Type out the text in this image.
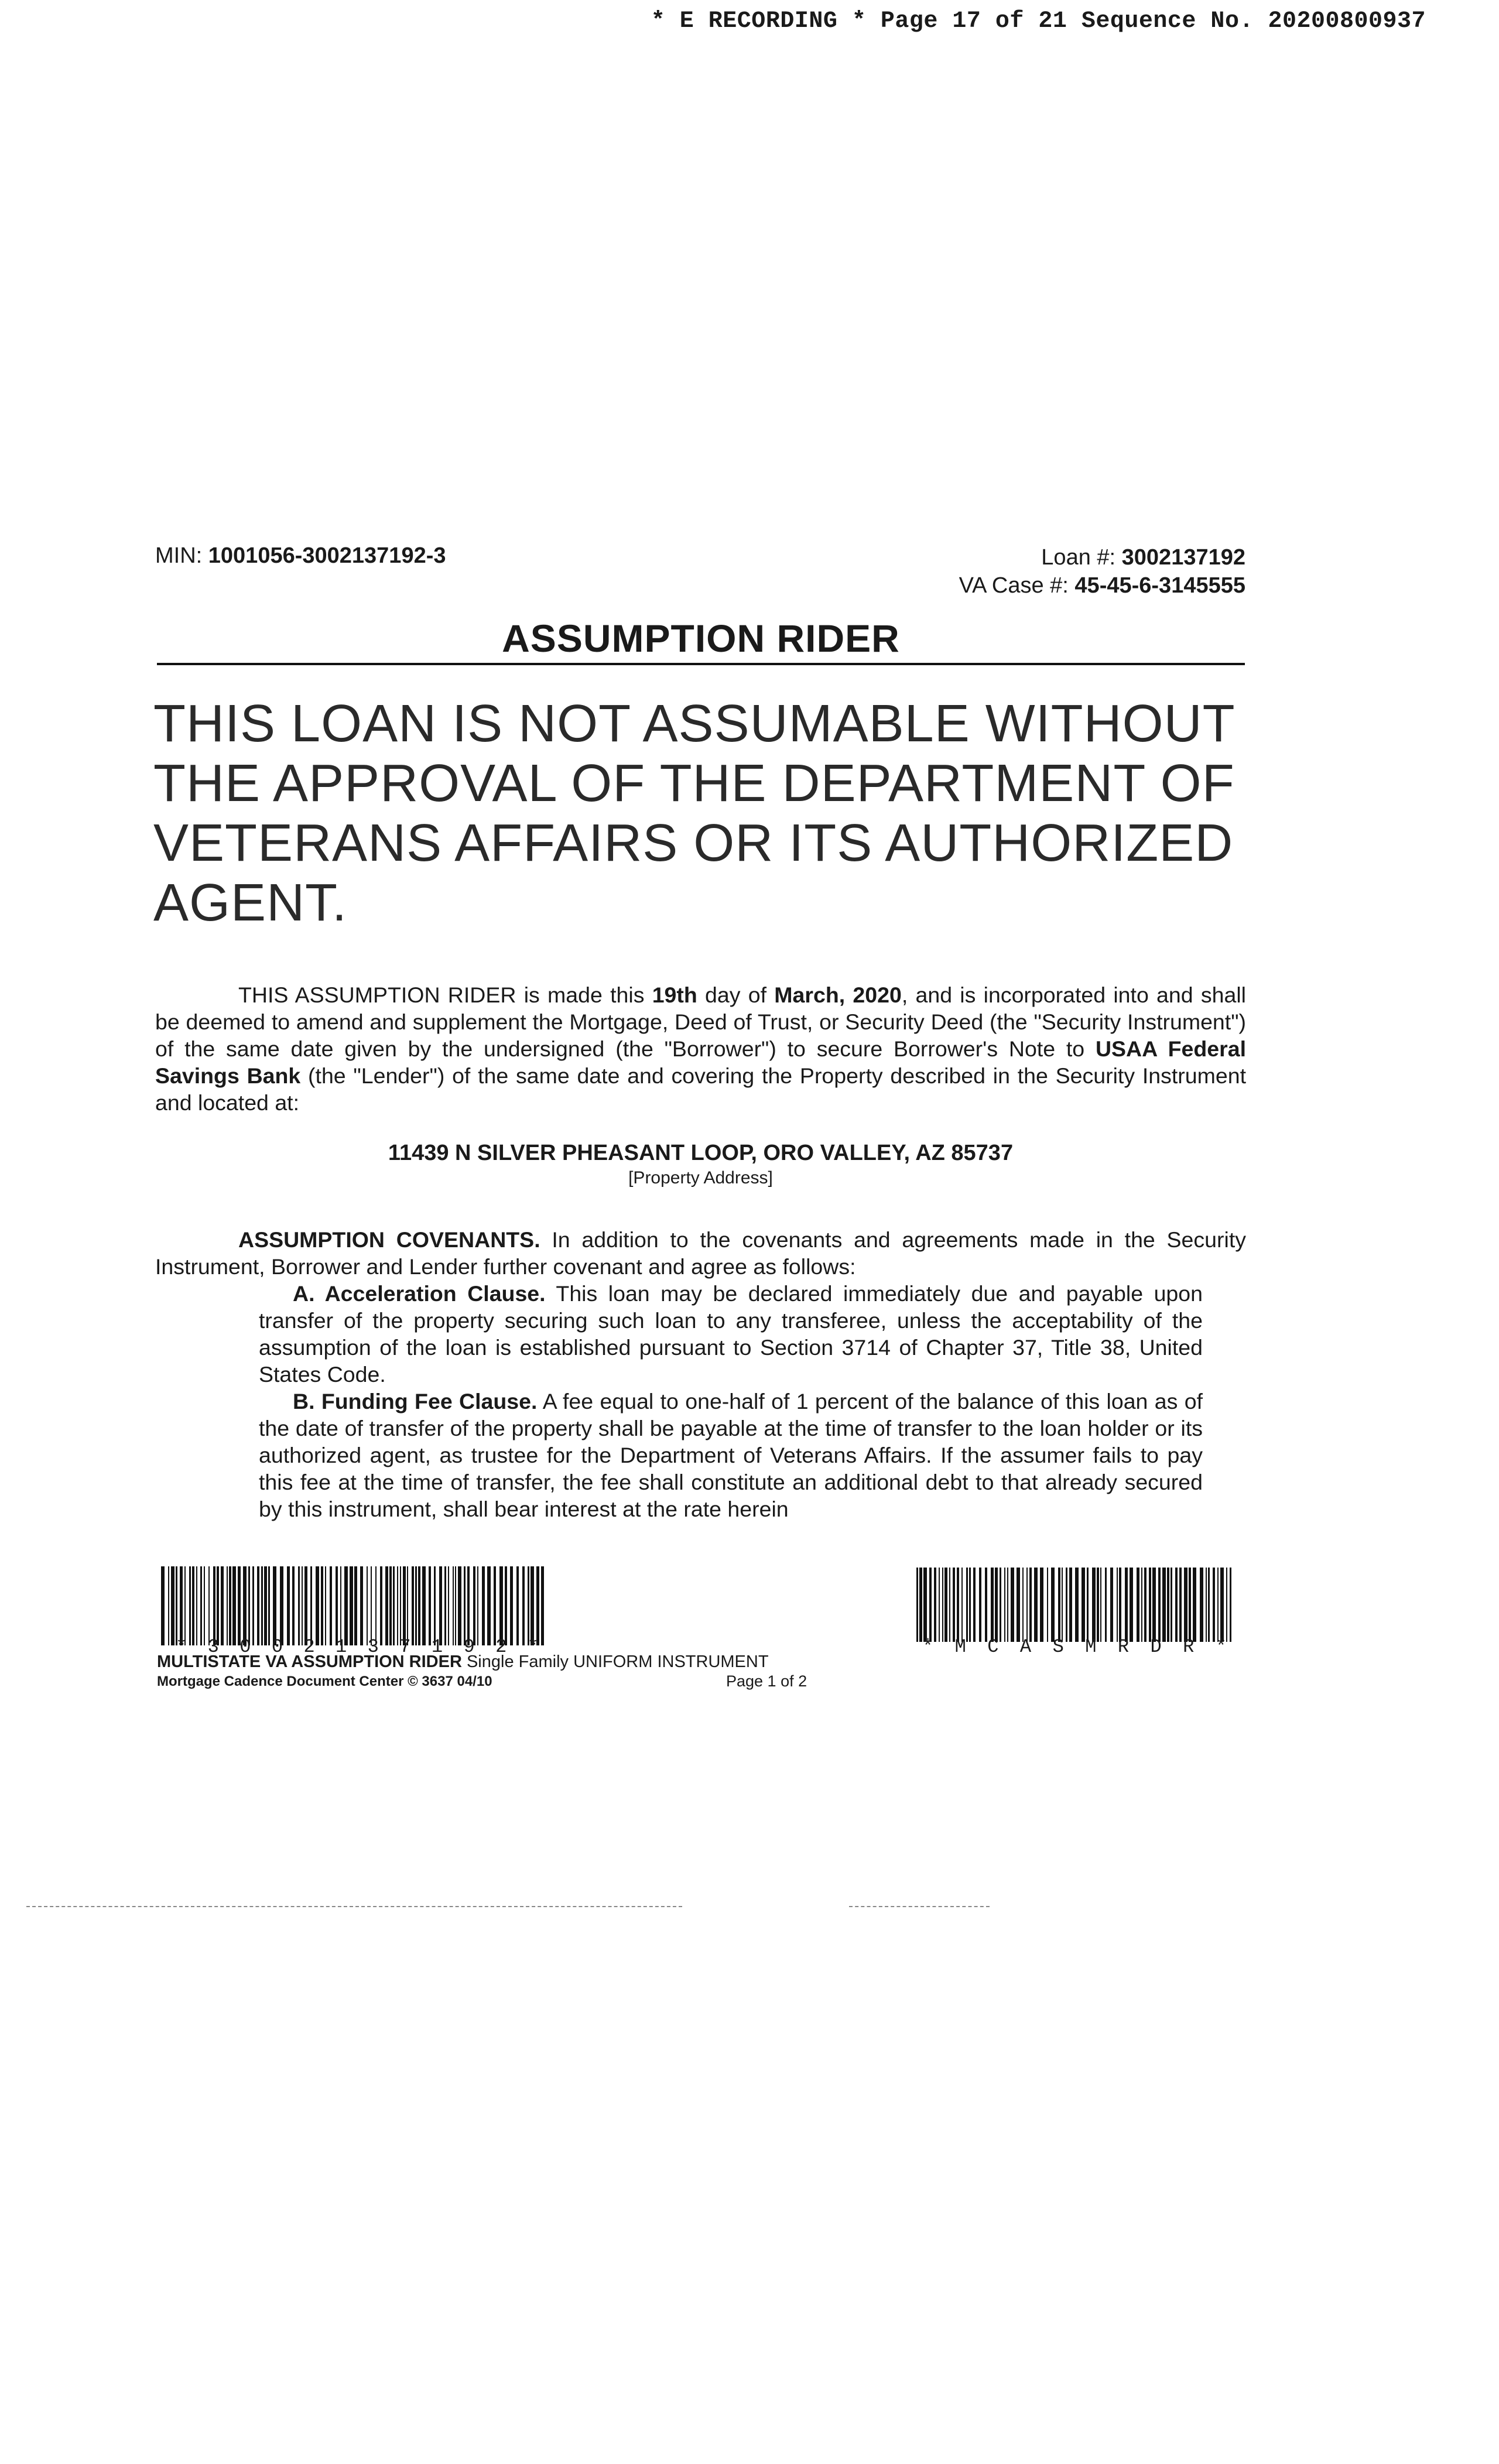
* E RECORDING * Page 17 of 21 Sequence No. 20200800937
MIN: 1001056-3002137192-3	Loan #: 3002137192
VA Case #: 45-45-6-3145555
ASSUMPTION RIDER

THIS LOAN IS NOT ASSUMABLE WITHOUT THE APPROVAL OF THE DEPARTMENT OF VETERANS AFFAIRS OR ITS AUTHORIZED AGENT.

THIS ASSUMPTION RIDER is made this 19th day of March, 2020, and is incorporated into and shall be deemed to amend and supplement the Mortgage, Deed of Trust, or Security Deed (the "Security Instrument") of the same date given by the undersigned (the "Borrower") to secure Borrower's Note to USAA Federal Savings Bank (the "Lender") of the same date and covering the Property described in the Security Instrument and located at:

11439 N SILVER PHEASANT LOOP, ORO VALLEY, AZ 85737
[Property Address]

ASSUMPTION COVENANTS. In addition to the covenants and agreements made in the Security Instrument, Borrower and Lender further covenant and agree as follows:

A. Acceleration Clause. This loan may be declared immediately due and payable upon transfer of the property securing such loan to any transferee, unless the acceptability of the assumption of the loan is established pursuant to Section 3714 of Chapter 37, Title 38, United States Code.

B. Funding Fee Clause. A fee equal to one-half of 1 percent of the balance of this loan as of the date of transfer of the property shall be payable at the time of transfer to the loan holder or its authorized agent, as trustee for the Department of Veterans Affairs. If the assumer fails to pay this fee at the time of transfer, the fee shall constitute an additional debt to that already secured by this instrument, shall bear interest at the rate herein

* 3 0 0 2 1 3 7 1 9 2 *	* M C A S M R D R *
MULTISTATE VA ASSUMPTION RIDER Single Family UNIFORM INSTRUMENT
Mortgage Cadence Document Center © 3637 04/10	Page 1 of 2
